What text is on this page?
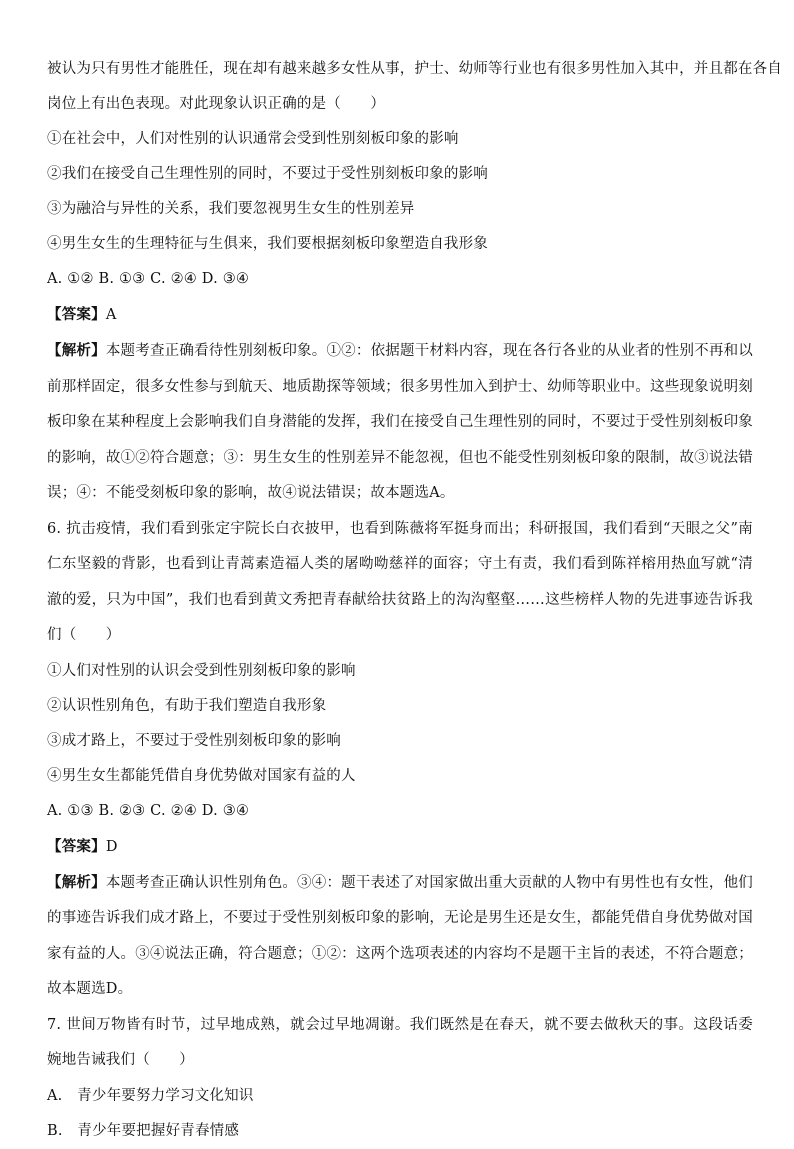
被认为只有男性才能胜任，现在却有越来越多女性从事，护士、幼师等行业也有很多男性加入其中，并且都在各自
岗位上有出色表现。对此现象认识正确的是（　　）
①在社会中，人们对性别的认识通常会受到性别刻板印象的影响
②我们在接受自己生理性别的同时，不要过于受性别刻板印象的影响
③为融洽与异性的关系，我们要忽视男生女生的性别差异
④男生女生的生理特征与生俱来，我们要根据刻板印象塑造自我形象
A. ①② B. ①③ C. ②④ D. ③④
【答案】A
【解析】本题考查正确看待性别刻板印象。①②：依据题干材料内容，现在各行各业的从业者的性别不再和以前那样固定，很多女性参与到航天、地质勘探等领域；很多男性加入到护士、幼师等职业中。这些现象说明刻板印象在某种程度上会影响我们自身潜能的发挥，我们在接受自己生理性别的同时，不要过于受性别刻板印象的影响，故①②符合题意；③：男生女生的性别差异不能忽视，但也不能受性别刻板印象的限制，故③说法错误；④：不能受刻板印象的影响，故④说法错误；故本题选A。
6. 抗击疫情，我们看到张定宇院长白衣披甲，也看到陈薇将军挺身而出；科研报国，我们看到“天眼之父”南仁东坚毅的背影，也看到让青蒿素造福人类的屠呦呦慈祥的面容；守土有责，我们看到陈祥榕用热血写就“清澈的爱，只为中国”，我们也看到黄文秀把青春献给扶贫路上的沟沟壑壑……这些榜样人物的先进事迹告诉我们（　　）
①人们对性别的认识会受到性别刻板印象的影响
②认识性别角色，有助于我们塑造自我形象
③成才路上，不要过于受性别刻板印象的影响
④男生女生都能凭借自身优势做对国家有益的人
A. ①③ B. ②③ C. ②④ D. ③④
【答案】D
【解析】本题考查正确认识性别角色。③④：题干表述了对国家做出重大贡献的人物中有男性也有女性，他们的事迹告诉我们成才路上，不要过于受性别刻板印象的影响，无论是男生还是女生，都能凭借自身优势做对国家有益的人。③④说法正确，符合题意；①②：这两个选项表述的内容均不是题干主旨的表述，不符合题意；故本题选D。
7. 世间万物皆有时节，过早地成熟，就会过早地凋谢。我们既然是在春天，就不要去做秋天的事。这段话委婉地告诫我们（　　）
A.　青少年要努力学习文化知识
B.　青少年要把握好青春情感
